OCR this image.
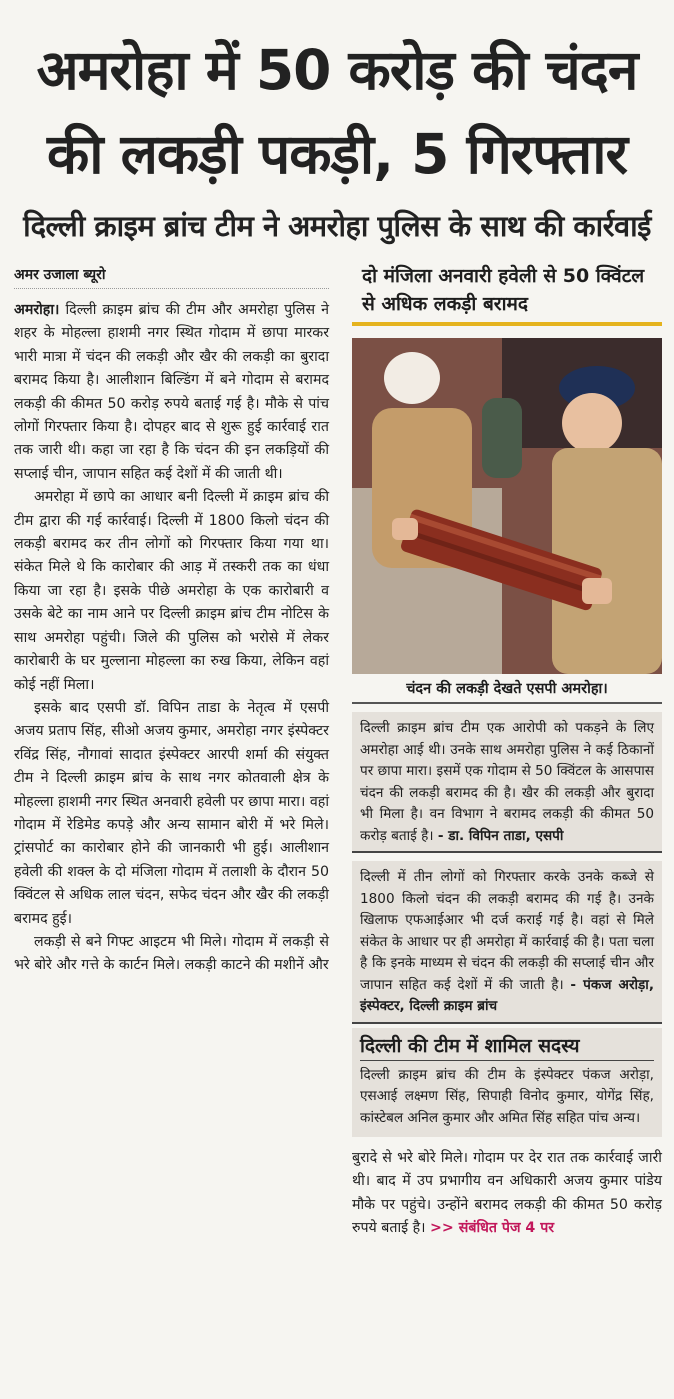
अमरोहा में 50 करोड़ की चंदन
की लकड़ी पकड़ी, 5 गिरफ्तार
दिल्ली क्राइम ब्रांच टीम ने अमरोहा पुलिस के साथ की कार्रवाई
अमर उजाला ब्यूरो

अमरोहा। दिल्ली क्राइम ब्रांच की टीम और अमरोहा पुलिस ने शहर के मोहल्ला हाशमी नगर स्थित गोदाम में छापा मारकर भारी मात्रा में चंदन की लकड़ी और खैर की लकड़ी का बुरादा बरामद किया है। आलीशान बिल्डिंग में बने गोदाम से बरामद लकड़ी की कीमत 50 करोड़ रुपये बताई गई है। मौके से पांच लोगों गिरफ्तार किया है। दोपहर बाद से शुरू हुई कार्रवाई रात तक जारी थी। कहा जा रहा है कि चंदन की इन लकड़ियों की सप्लाई चीन, जापान सहित कई देशों में की जाती थी।

अमरोहा में छापे का आधार बनी दिल्ली में क्राइम ब्रांच की टीम द्वारा की गई कार्रवाई। दिल्ली में 1800 किलो चंदन की लकड़ी बरामद कर तीन लोगों को गिरफ्तार किया गया था। संकेत मिले थे कि कारोबार की आड़ में तस्करी तक का धंधा किया जा रहा है। इसके पीछे अमरोहा के एक कारोबारी व उसके बेटे का नाम आने पर दिल्ली क्राइम ब्रांच टीम नोटिस के साथ अमरोहा पहुंची। जिले की पुलिस को भरोसे में लेकर कारोबारी के घर मुल्लाना मोहल्ला का रुख किया, लेकिन वहां कोई नहीं मिला।

इसके बाद एसपी डॉ. विपिन ताडा के नेतृत्व में एसपी अजय प्रताप सिंह, सीओ अजय कुमार, अमरोहा नगर इंस्पेक्टर रविंद्र सिंह, नौगावां सादात इंस्पेक्टर आरपी शर्मा की संयुक्त टीम ने दिल्ली क्राइम ब्रांच के साथ नगर कोतवाली क्षेत्र के मोहल्ला हाशमी नगर स्थित अनवारी हवेली पर छापा मारा। वहां गोदाम में रेडिमेड कपड़े और अन्य सामान बोरी में भरे मिले। ट्रांसपोर्ट का कारोबार होने की जानकारी भी हुई। आलीशान हवेली की शक्ल के दो मंजिला गोदाम में तलाशी के दौरान 50 क्विंटल से अधिक लाल चंदन, सफेद चंदन और खैर की लकड़ी बरामद हुई।

लकड़ी से बने गिफ्ट आइटम भी मिले। गोदाम में लकड़ी से भरे बोरे और गत्ते के कार्टन मिले। लकड़ी काटने की मशीनें और

दो मंजिला अनवारी हवेली से 50 क्विंटल से अधिक लकड़ी बरामद
चंदन की लकड़ी देखते एसपी अमरोहा।

दिल्ली क्राइम ब्रांच टीम एक आरोपी को पकड़ने के लिए अमरोहा आई थी। उनके साथ अमरोहा पुलिस ने कई ठिकानों पर छापा मारा। इसमें एक गोदाम से 50 क्विंटल के आसपास चंदन की लकड़ी बरामद की है। खैर की लकड़ी और बुरादा भी मिला है। वन विभाग ने बरामद लकड़ी की कीमत 50 करोड़ बताई है। - डा. विपिन ताडा, एसपी

दिल्ली में तीन लोगों को गिरफ्तार करके उनके कब्जे से 1800 किलो चंदन की लकड़ी बरामद की गई है। उनके खिलाफ एफआईआर भी दर्ज कराई गई है। वहां से मिले संकेत के आधार पर ही अमरोहा में कार्रवाई की है। पता चला है कि इनके माध्यम से चंदन की लकड़ी की सप्लाई चीन और जापान सहित कई देशों में की जाती है। - पंकज अरोड़ा, इंस्पेक्टर, दिल्ली क्राइम ब्रांच

दिल्ली की टीम में शामिल सदस्य

दिल्ली क्राइम ब्रांच की टीम के इंस्पेक्टर पंकज अरोड़ा, एसआई लक्ष्मण सिंह, सिपाही विनोद कुमार, योगेंद्र सिंह, कांस्टेबल अनिल कुमार और अमित सिंह सहित पांच अन्य।

बुरादे से भरे बोरे मिले। गोदाम पर देर रात तक कार्रवाई जारी थी। बाद में उप प्रभागीय वन अधिकारी अजय कुमार पांडेय मौके पर पहुंचे। उन्होंने बरामद लकड़ी की कीमत 50 करोड़ रुपये बताई है। >> संबंधित पेज 4 पर
